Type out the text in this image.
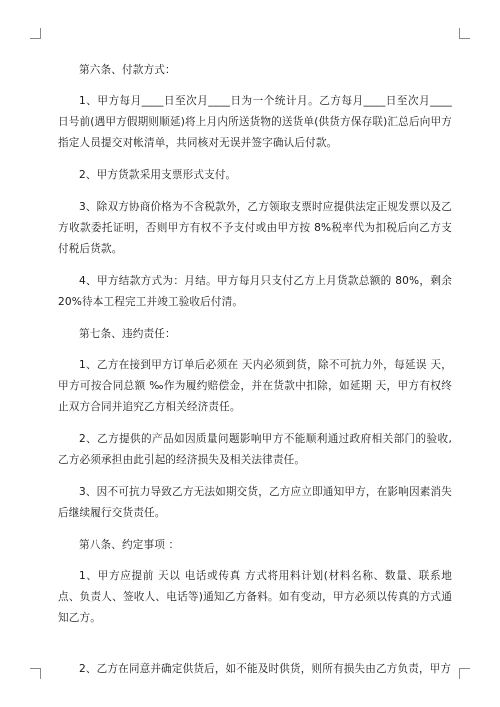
第六条、付款方式：

1、甲方每月____日至次月____日为一个统计月。乙方每月____日至次月____日号前(遇甲方假期则顺延)将上月内所送货物的送货单(供货方保存联)汇总后向甲方指定人员提交对帐清单，共同核对无误并签字确认后付款。

2、甲方货款采用支票形式支付。

3、除双方协商价格为不含税款外，乙方领取支票时应提供法定正规发票以及乙方收款委托证明，否则甲方有权不予支付或由甲方按 8%税率代为扣税后向乙方支付税后货款。

4、甲方结款方式为：月结。甲方每月只支付乙方上月货款总额的 80%，剩余 20%待本工程完工并竣工验收后付清。

第七条、违约责任：

1、乙方在接到甲方订单后必须在 天内必须到货，除不可抗力外，每延误 天，甲方可按合同总额 ‰作为履约赔偿金，并在货款中扣除，如延期 天，甲方有权终止双方合同并追究乙方相关经济责任。

2、乙方提供的产品如因质量问题影响甲方不能顺利通过政府相关部门的验收, 乙方必须承担由此引起的经济损失及相关法律责任。

3、因不可抗力导致乙方无法如期交货，乙方应立即通知甲方，在影响因素消失后继续履行交货责任。

第八条、约定事项 ：

1、甲方应提前 天以 电话或传真 方式将用料计划(材料名称、数量、联系地点、负责人、签收人、电话等)通知乙方备料。如有变动，甲方必须以传真的方式通知乙方。

2、乙方在同意并确定供货后，如不能及时供货，则所有损失由乙方负责，甲方
